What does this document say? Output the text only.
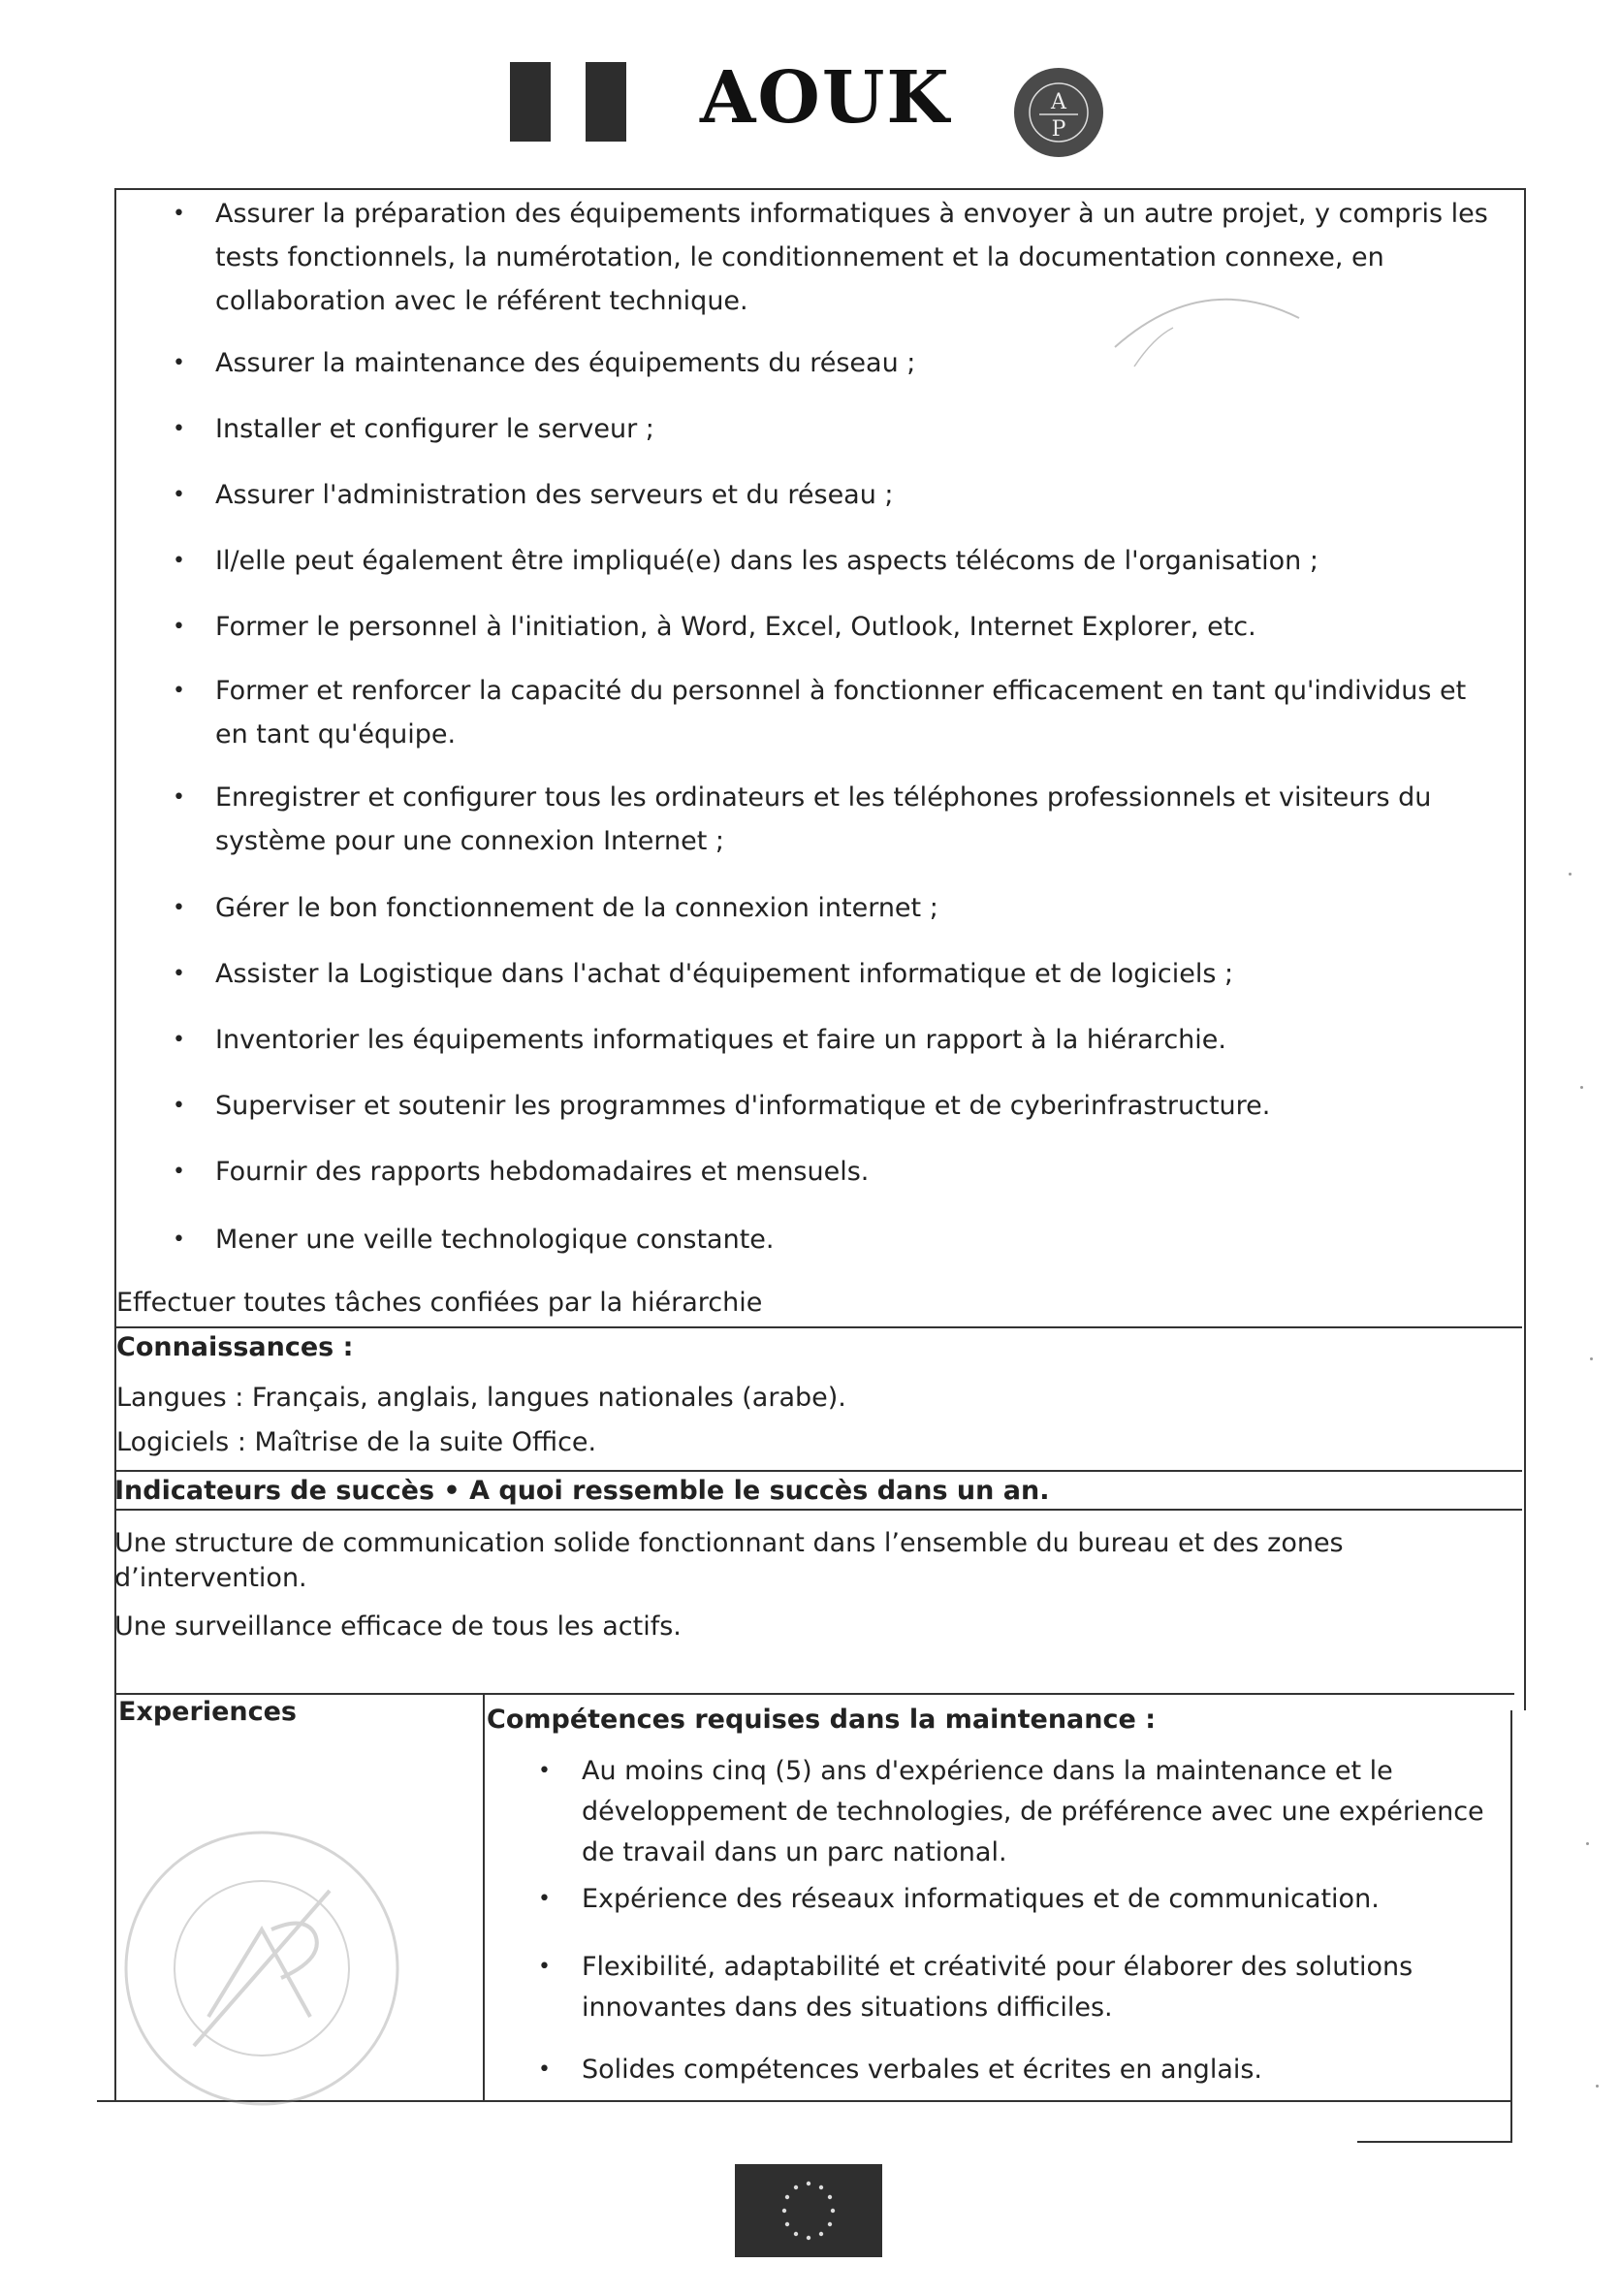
AOUK	A
P
• Assurer la préparation des équipements informatiques à envoyer à un autre projet, y compris les tests fonctionnels, la numérotation, le conditionnement et la documentation connexe, en collaboration avec le référent technique.
• Assurer la maintenance des équipements du réseau ;
• Installer et configurer le serveur ;
• Assurer l'administration des serveurs et du réseau ;
• Il/elle peut également être impliqué(e) dans les aspects télécoms de l'organisation ;
• Former le personnel à l'initiation, à Word, Excel, Outlook, Internet Explorer, etc.
• Former et renforcer la capacité du personnel à fonctionner efficacement en tant qu'individus et en tant qu'équipe.
• Enregistrer et configurer tous les ordinateurs et les téléphones professionnels et visiteurs du système pour une connexion Internet ;
• Gérer le bon fonctionnement de la connexion internet ;
• Assister la Logistique dans l'achat d'équipement informatique et de logiciels ;
• Inventorier les équipements informatiques et faire un rapport à la hiérarchie.
• Superviser et soutenir les programmes d'informatique et de cyberinfrastructure.
• Fournir des rapports hebdomadaires et mensuels.
• Mener une veille technologique constante.
Effectuer toutes tâches confiées par la hiérarchie
Connaissances :
Langues : Français, anglais, langues nationales (arabe).
Logiciels : Maîtrise de la suite Office.
Indicateurs de succès • A quoi ressemble le succès dans un an.
Une structure de communication solide fonctionnant dans l’ensemble du bureau et des zones d’intervention.
Une surveillance efficace de tous les actifs.
Experiences	Compétences requises dans la maintenance :
• Au moins cinq (5) ans d'expérience dans la maintenance et le développement de technologies, de préférence avec une expérience de travail dans un parc national.
• Expérience des réseaux informatiques et de communication.
• Flexibilité, adaptabilité et créativité pour élaborer des solutions innovantes dans des situations difficiles.
• Solides compétences verbales et écrites en anglais.
